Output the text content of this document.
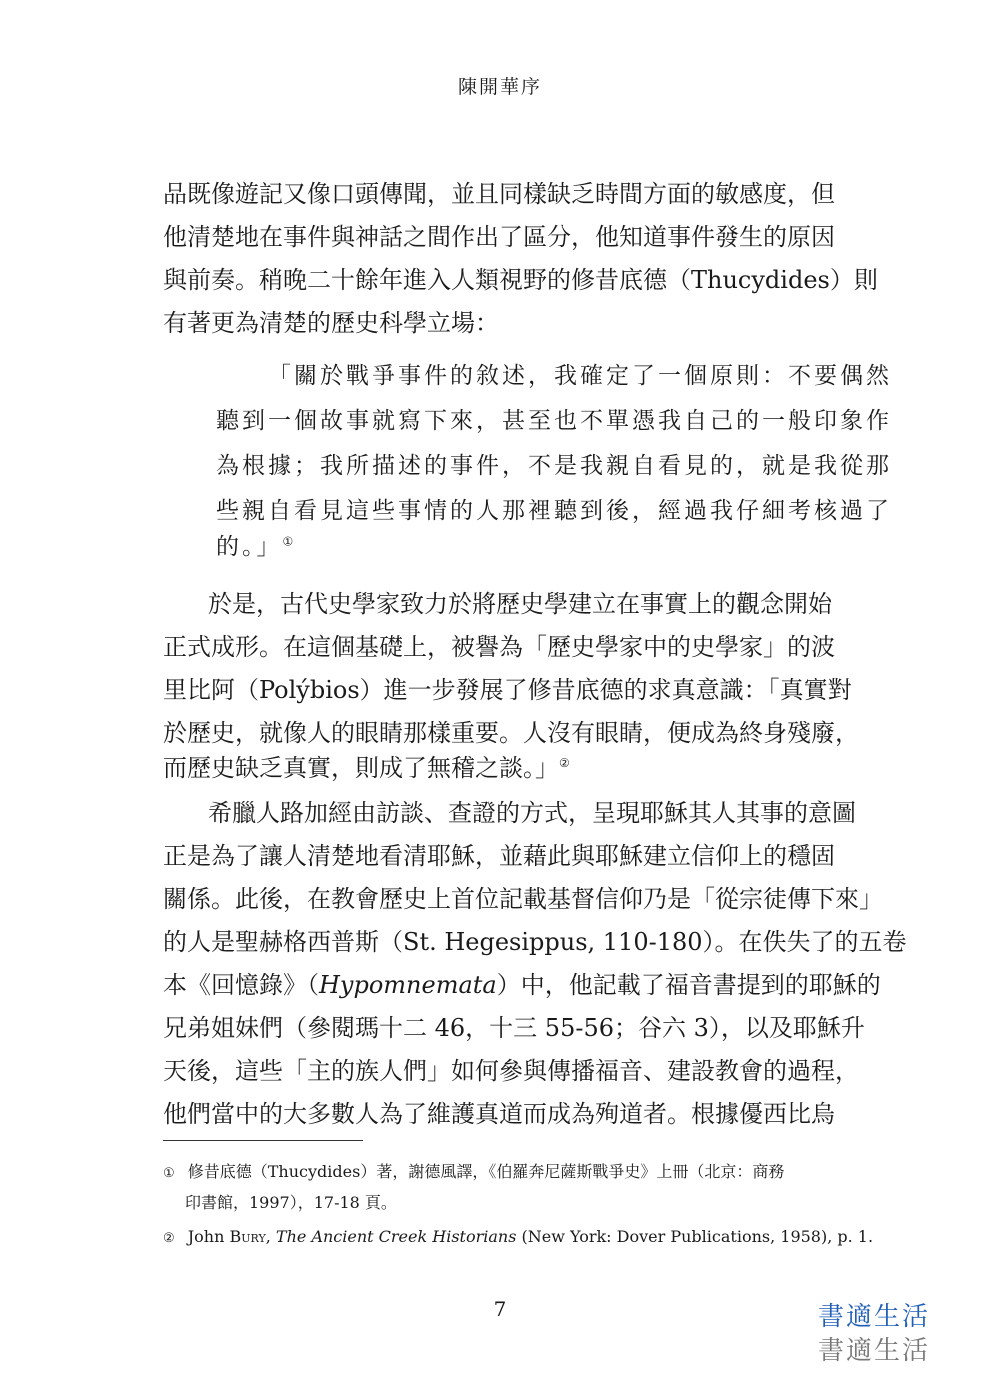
陳開華序
品既像遊記又像口頭傳聞，並且同樣缺乏時間方面的敏感度，但
他清楚地在事件與神話之間作出了區分，他知道事件發生的原因
與前奏。稍晚二十餘年進入人類視野的修昔底德（Thucydides）則
有著更為清楚的歷史科學立場：
「關於戰爭事件的敘述，我確定了一個原則：不要偶然
聽到一個故事就寫下來，甚至也不單憑我自己的一般印象作
為根據；我所描述的事件，不是我親自看見的，就是我從那
些親自看見這些事情的人那裡聽到後，經過我仔細考核過了
的。」①
於是，古代史學家致力於將歷史學建立在事實上的觀念開始
正式成形。在這個基礎上，被譽為「歷史學家中的史學家」的波
里比阿（Polýbios）進一步發展了修昔底德的求真意識：「真實對
於歷史，就像人的眼睛那樣重要。人沒有眼睛，便成為終身殘廢，
而歷史缺乏真實，則成了無稽之談。」②
希臘人路加經由訪談、查證的方式，呈現耶穌其人其事的意圖
正是為了讓人清楚地看清耶穌，並藉此與耶穌建立信仰上的穩固
關係。此後，在教會歷史上首位記載基督信仰乃是「從宗徒傳下來」
的人是聖赫格西普斯（St. Hegesippus, 110-180）。在佚失了的五卷
本《回憶錄》（Hypomnemata）中，他記載了福音書提到的耶穌的
兄弟姐妹們（參閱瑪十二 46，十三 55-56；谷六 3），以及耶穌升
天後，這些「主的族人們」如何參與傳播福音、建設教會的過程，
他們當中的大多數人為了維護真道而成為殉道者。根據優西比烏
① 修昔底德（Thucydides）著，謝德風譯，《伯羅奔尼薩斯戰爭史》上冊（北京：商務
印書館，1997），17-18 頁。
② John Bury, The Ancient Creek Historians (New York: Dover Publications, 1958), p. 1.
7	書適生活
書適生活
